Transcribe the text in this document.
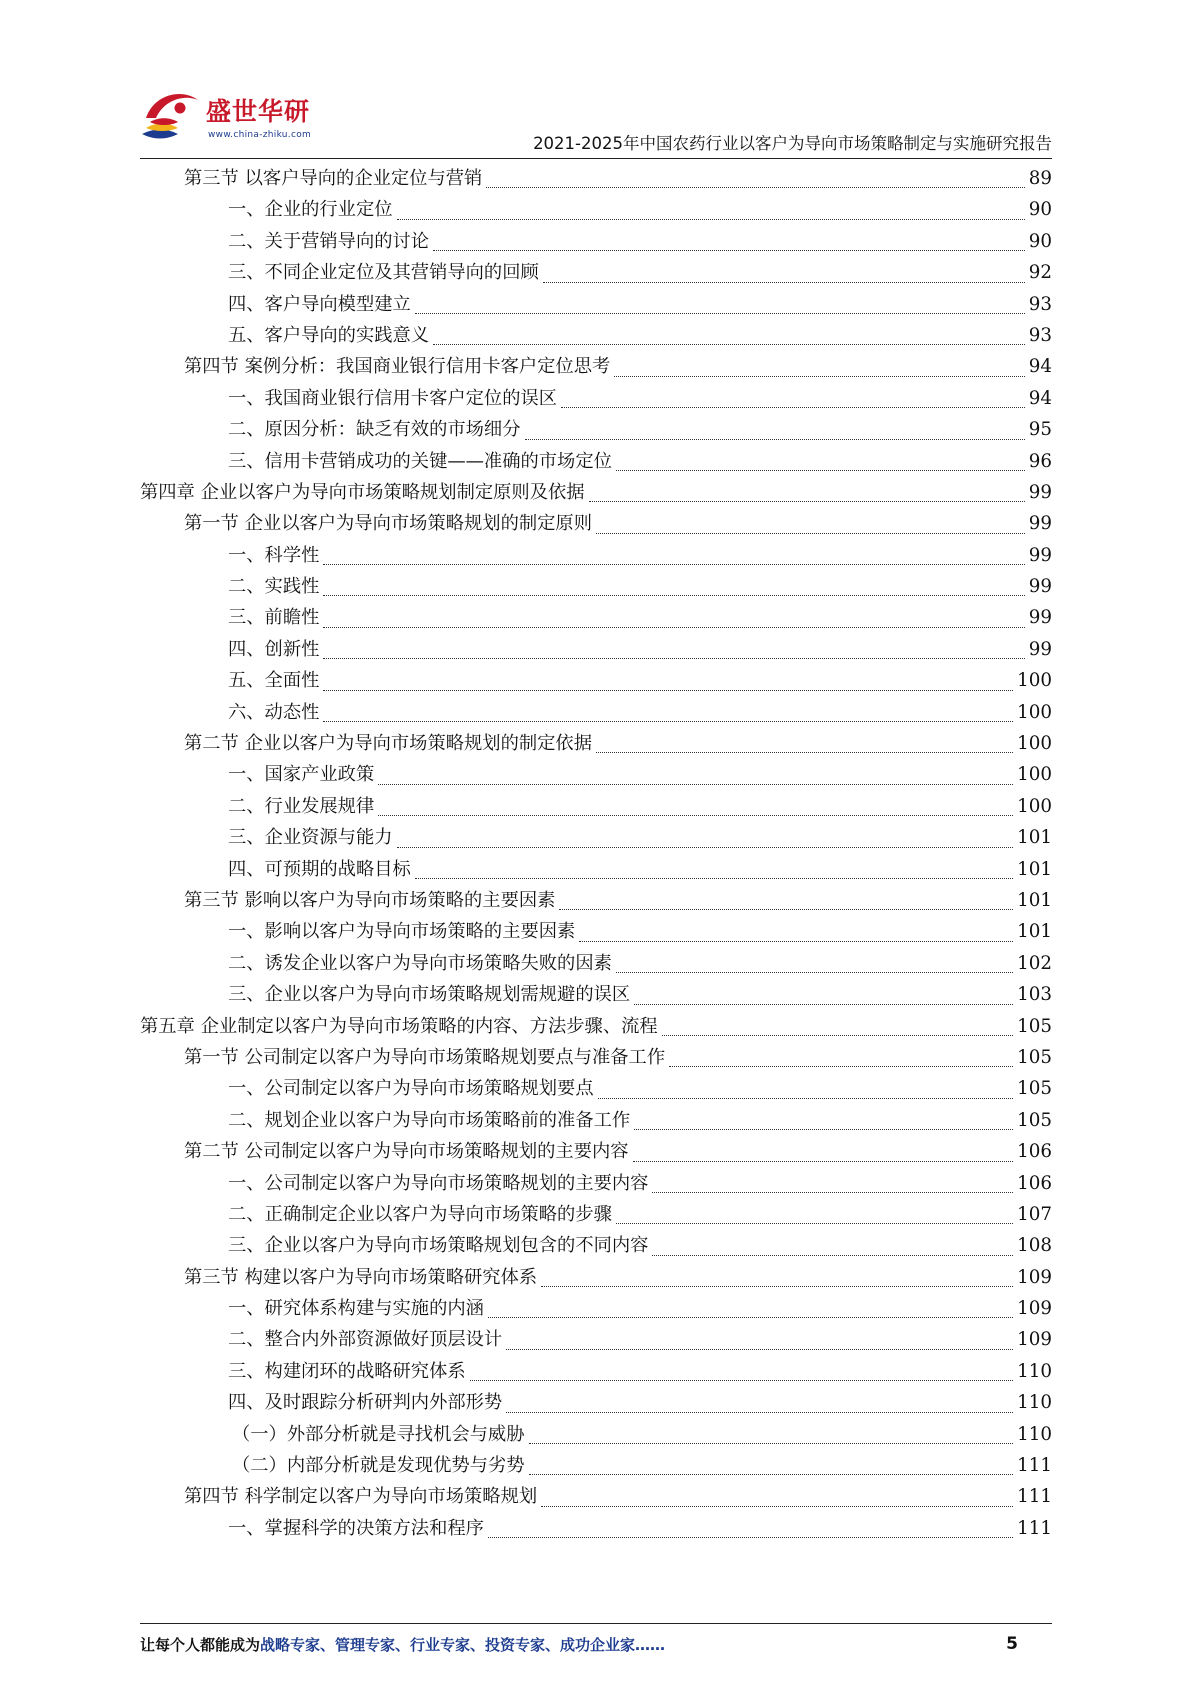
盛世华研
www.china-zhiku.com	2021-2025年中国农药行业以客户为导向市场策略制定与实施研究报告
第三节 以客户导向的企业定位与营销	89
一、企业的行业定位	90
二、关于营销导向的讨论	90
三、不同企业定位及其营销导向的回顾	92
四、客户导向模型建立	93
五、客户导向的实践意义	93
第四节 案例分析：我国商业银行信用卡客户定位思考	94
一、我国商业银行信用卡客户定位的误区	94
二、原因分析：缺乏有效的市场细分	95
三、信用卡营销成功的关键——准确的市场定位	96
第四章 企业以客户为导向市场策略规划制定原则及依据	99
第一节 企业以客户为导向市场策略规划的制定原则	99
一、科学性	99
二、实践性	99
三、前瞻性	99
四、创新性	99
五、全面性	100
六、动态性	100
第二节 企业以客户为导向市场策略规划的制定依据	100
一、国家产业政策	100
二、行业发展规律	100
三、企业资源与能力	101
四、可预期的战略目标	101
第三节 影响以客户为导向市场策略的主要因素	101
一、影响以客户为导向市场策略的主要因素	101
二、诱发企业以客户为导向市场策略失败的因素	102
三、企业以客户为导向市场策略规划需规避的误区	103
第五章 企业制定以客户为导向市场策略的内容、方法步骤、流程	105
第一节 公司制定以客户为导向市场策略规划要点与准备工作	105
一、公司制定以客户为导向市场策略规划要点	105
二、规划企业以客户为导向市场策略前的准备工作	105
第二节 公司制定以客户为导向市场策略规划的主要内容	106
一、公司制定以客户为导向市场策略规划的主要内容	106
二、正确制定企业以客户为导向市场策略的步骤	107
三、企业以客户为导向市场策略规划包含的不同内容	108
第三节 构建以客户为导向市场策略研究体系	109
一、研究体系构建与实施的内涵	109
二、整合内外部资源做好顶层设计	109
三、构建闭环的战略研究体系	110
四、及时跟踪分析研判内外部形势	110
（一）外部分析就是寻找机会与威胁	110
（二）内部分析就是发现优势与劣势	111
第四节 科学制定以客户为导向市场策略规划	111
一、掌握科学的决策方法和程序	111
让每个人都能成为战略专家、管理专家、行业专家、投资专家、成功企业家……	5
